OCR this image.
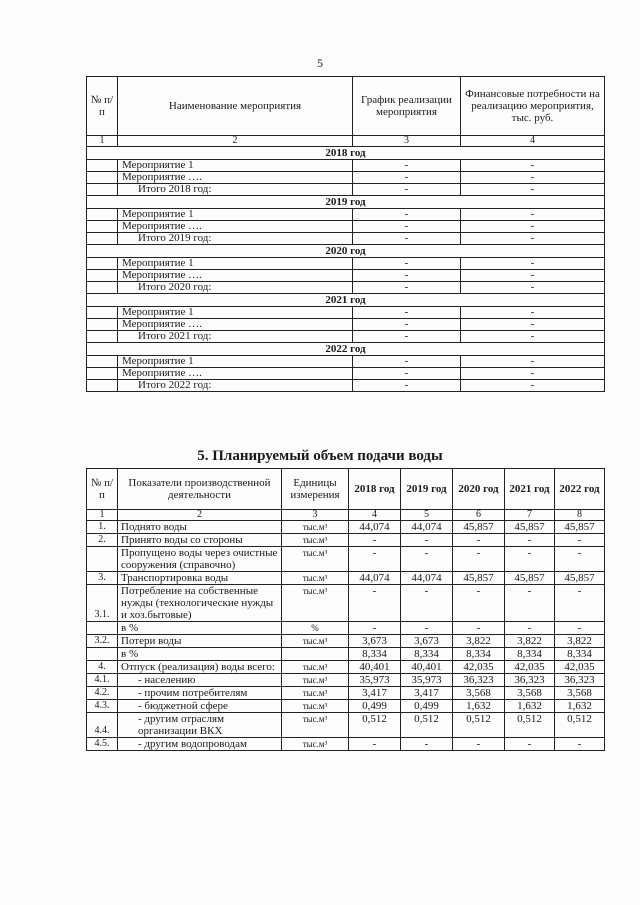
5
№ п/п	Наименование мероприятия	График реализации мероприятия	Финансовые потребности на реализацию мероприятия, тыс. руб.
1	2	3	4
2018 год			
	Мероприятие 1	-	-
	Мероприятие ….	-	-
	Итого 2018 год:	-	-
2019 год			
	Мероприятие 1	-	-
	Мероприятие ….	-	-
	Итого 2019 год:	-	-
2020 год			
	Мероприятие 1	-	-
	Мероприятие ….	-	-
	Итого 2020 год:	-	-
2021 год			
	Мероприятие 1	-	-
	Мероприятие ….	-	-
	Итого 2021 год:	-	-
2022 год			
	Мероприятие 1	-	-
	Мероприятие ….	-	-
	Итого 2022 год:	-	-
5. Планируемый объем подачи воды
№ п/п	Показатели производственной деятельности	Единицы измерения	2018 год	2019 год	2020 год	2021 год	2022 год
1	2	3	4	5	6	7	8
1.	Поднято воды	тыс.м³	44,074	44,074	45,857	45,857	45,857
2.	Принято воды со стороны	тыс.м³	-	-	-	-	-
	Пропущено воды через очистные сооружения (справочно)	тыс.м³	-	-	-	-	-
3.	Транспортировка воды	тыс.м³	44,074	44,074	45,857	45,857	45,857
3.1.	Потребление на собственные нужды (технологические нужды и хоз.бытовые)	тыс.м³	-	-	-	-	-
	в %	%	-	-	-	-	-
3.2.	Потери воды	тыс.м³	3,673	3,673	3,822	3,822	3,822
	в %		8,334	8,334	8,334	8,334	8,334
4.	Отпуск (реализация) воды всего:	тыс.м³	40,401	40,401	42,035	42,035	42,035
4.1.	- населению	тыс.м³	35,973	35,973	36,323	36,323	36,323
4.2.	- прочим потребителям	тыс.м³	3,417	3,417	3,568	3,568	3,568
4.3.	- бюджетной сфере	тыс.м³	0,499	0,499	1,632	1,632	1,632
4.4.	- другим отраслям организации ВКХ	тыс.м³	0,512	0,512	0,512	0,512	0,512
4.5.	- другим водопроводам	тыс.м³	-	-	-	-	-
